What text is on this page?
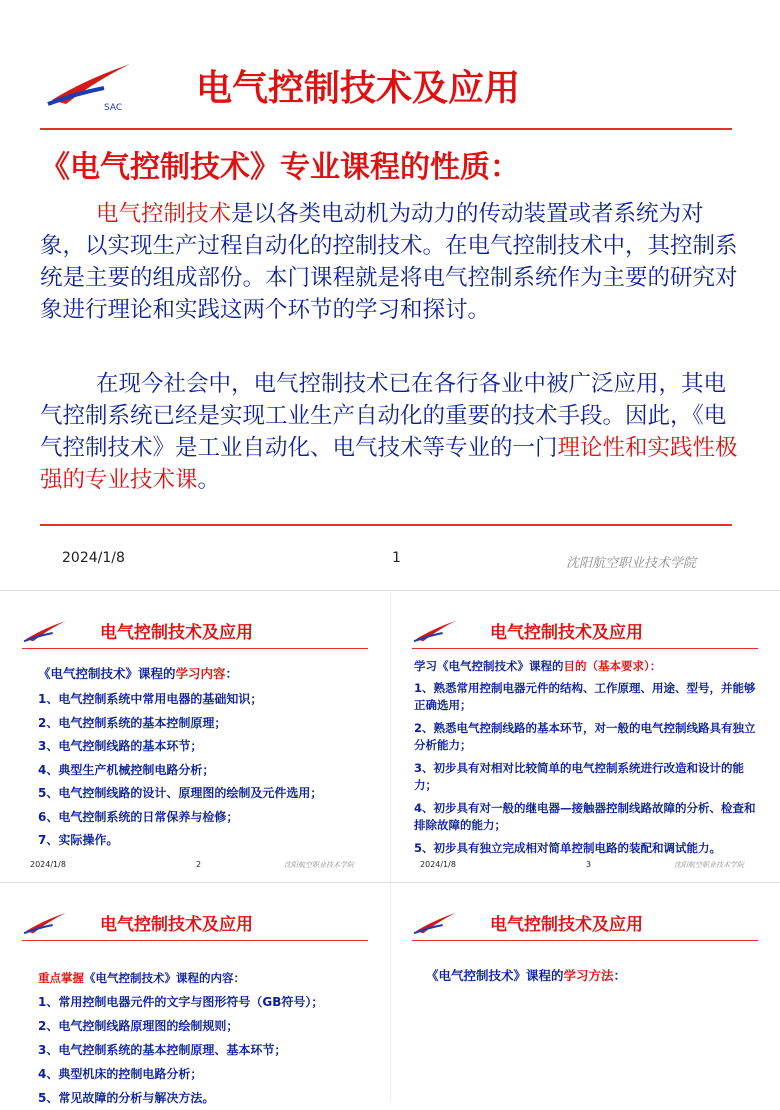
SAC 电气控制技术及应用
《电气控制技术》专业课程的性质：
电气控制技术是以各类电动机为动力的传动装置或者系统为对象，以实现生产过程自动化的控制技术。在电气控制技术中，其控制系统是主要的组成部份。本门课程就是将电气控制系统作为主要的研究对象进行理论和实践这两个环节的学习和探讨。
在现今社会中，电气控制技术已在各行各业中被广泛应用，其电气控制系统已经是实现工业生产自动化的重要的技术手段。因此，《电气控制技术》是工业自动化、电气技术等专业的一门理论性和实践性极强的专业技术课。
2024/1/8	1	沈阳航空职业技术学院
电气控制技术及应用
《电气控制技术》课程的学习内容：
1、电气控制系统中常用电器的基础知识；
2、电气控制系统的基本控制原理；
3、电气控制线路的基本环节；
4、典型生产机械控制电路分析；
5、电气控制线路的设计、原理图的绘制及元件选用；
6、电气控制系统的日常保养与检修；
7、实际操作。
2024/1/8	2	沈阳航空职业技术学院
电气控制技术及应用
学习《电气控制技术》课程的目的（基本要求）：
1、熟悉常用控制电器元件的结构、工作原理、用途、型号，并能够正确选用；
2、熟悉电气控制线路的基本环节，对一般的电气控制线路具有独立分析能力；
3、初步具有对相对比较简单的电气控制系统进行改造和设计的能力；
4、初步具有对一般的继电器—接触器控制线路故障的分析、检查和排除故障的能力；
5、初步具有独立完成相对简单控制电路的装配和调试能力。
2024/1/8	3	沈阳航空职业技术学院
电气控制技术及应用
重点掌握《电气控制技术》课程的内容：
1、常用控制电器元件的文字与图形符号（GB符号）；
2、电气控制线路原理图的绘制规则；
3、电气控制系统的基本控制原理、基本环节；
4、典型机床的控制电路分析；
5、常见故障的分析与解决方法。
电气控制技术及应用
《电气控制技术》课程的学习方法：
